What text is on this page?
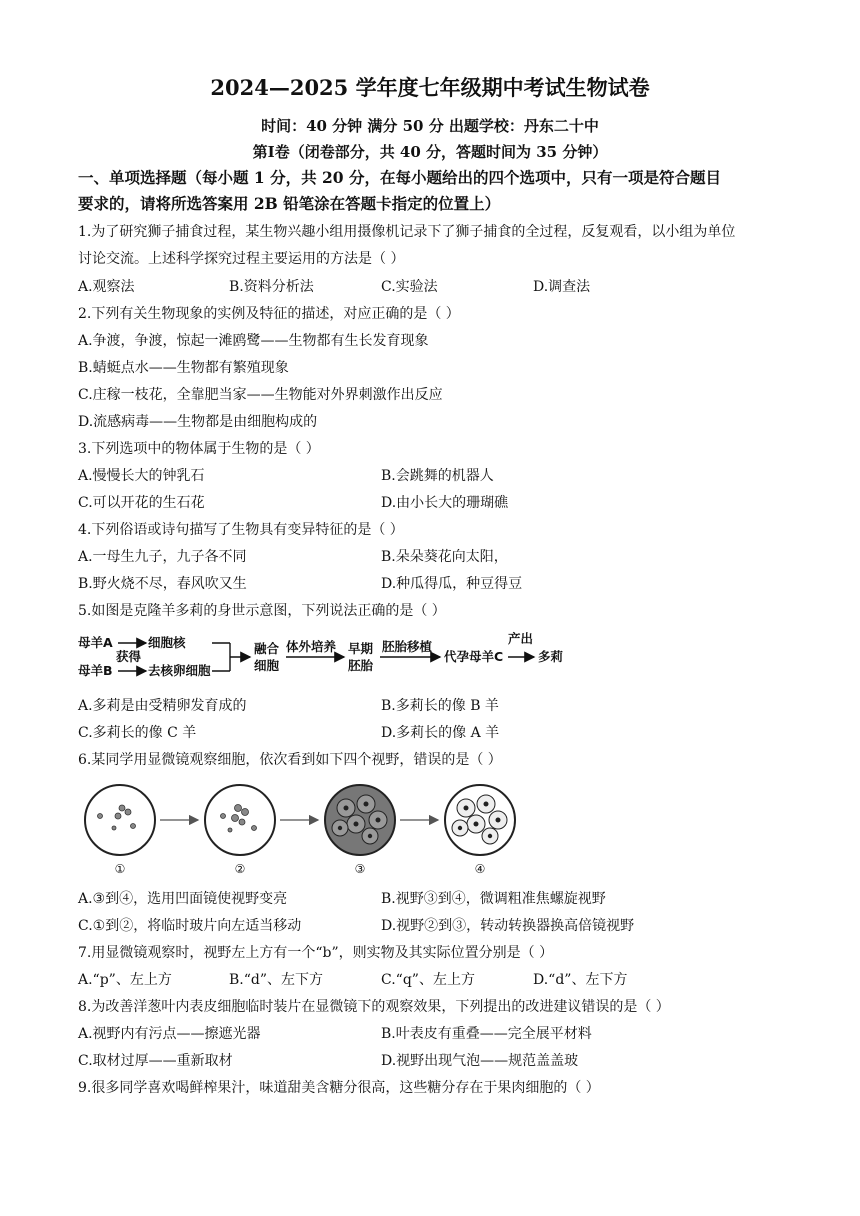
2024—2025 学年度七年级期中考试生物试卷
时间：40 分钟 满分 50 分 出题学校：丹东二十中
第Ⅰ卷（闭卷部分，共 40 分，答题时间为 35 分钟）
一、单项选择题（每小题 1 分，共 20 分，在每小题给出的四个选项中，只有一项是符合题目
要求的，请将所选答案用 2B 铅笔涂在答题卡指定的位置上）
1.为了研究狮子捕食过程，某生物兴趣小组用摄像机记录下了狮子捕食的全过程，反复观看，以小组为单位
讨论交流。上述科学探究过程主要运用的方法是（ ）
A.观察法	B.资料分析法	C.实验法	D.调查法
2.下列有关生物现象的实例及特征的描述，对应正确的是（ ）
A.争渡，争渡，惊起一滩鸥鹭——生物都有生长发育现象
B.蜻蜓点水——生物都有繁殖现象
C.庄稼一枝花，全靠肥当家——生物能对外界刺激作出反应
D.流感病毒——生物都是由细胞构成的
3.下列选项中的物体属于生物的是（ ）
A.慢慢长大的钟乳石	B.会跳舞的机器人
C.可以开花的生石花	D.由小长大的珊瑚礁
4.下列俗语或诗句描写了生物具有变异特征的是（ ）
A.一母生九子，九子各不同	B.朵朵葵花向太阳，
B.野火烧不尽，春风吹又生	D.种瓜得瓜，种豆得豆
5.如图是克隆羊多莉的身世示意图，下列说法正确的是（ ）
母羊A	细胞核
母羊B
获得
去核卵细胞
融合
细胞
体外培养 早期
胚胎
胚胎移植
代孕母羊C
产出
多莉
A.多莉是由受精卵发育成的	B.多莉长的像 B 羊
C.多莉长的像 C 羊	D.多莉长的像 A 羊
6.某同学用显微镜观察细胞，依次看到如下四个视野，错误的是（ ）
①	②	③	④
A.③到④，选用凹面镜使视野变亮	B.视野③到④，微调粗准焦螺旋视野
C.①到②，将临时玻片向左适当移动	D.视野②到③，转动转换器换高倍镜视野
7.用显微镜观察时，视野左上方有一个“b”，则实物及其实际位置分别是（ ）
A.“p”、左上方	B.“d”、左下方	C.“q”、左上方	D.“d”、左下方
8.为改善洋葱叶内表皮细胞临时装片在显微镜下的观察效果，下列提出的改进建议错误的是（ ）
A.视野内有污点——擦遮光器	B.叶表皮有重叠——完全展平材料
C.取材过厚——重新取材	D.视野出现气泡——规范盖盖玻
9.很多同学喜欢喝鲜榨果汁，味道甜美含糖分很高，这些糖分存在于果肉细胞的（ ）
